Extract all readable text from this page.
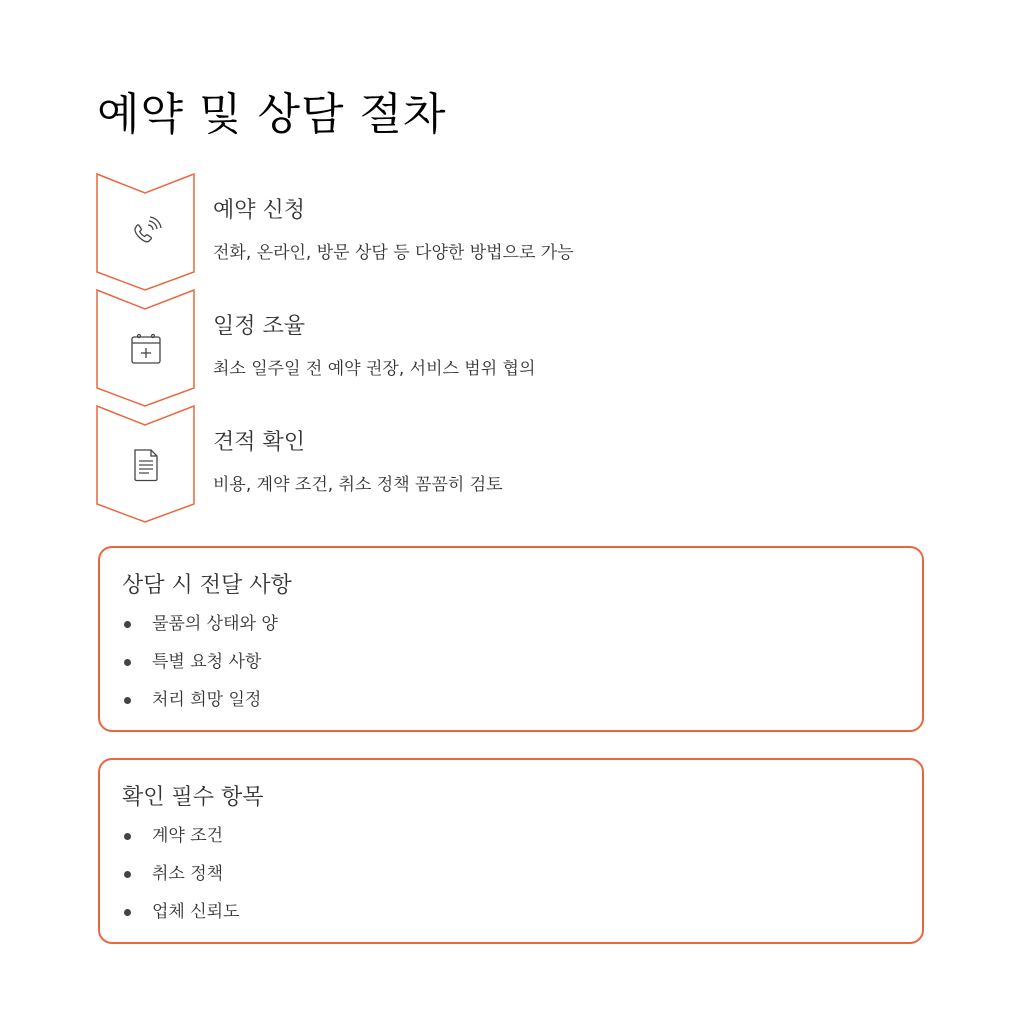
예약 및 상담 절차
예약 신청
전화, 온라인, 방문 상담 등 다양한 방법으로 가능
일정 조율
최소 일주일 전 예약 권장, 서비스 범위 협의
견적 확인
비용, 계약 조건, 취소 정책 꼼꼼히 검토
상담 시 전달 사항
물품의 상태와 양
특별 요청 사항
처리 희망 일정
확인 필수 항목
계약 조건
취소 정책
업체 신뢰도
